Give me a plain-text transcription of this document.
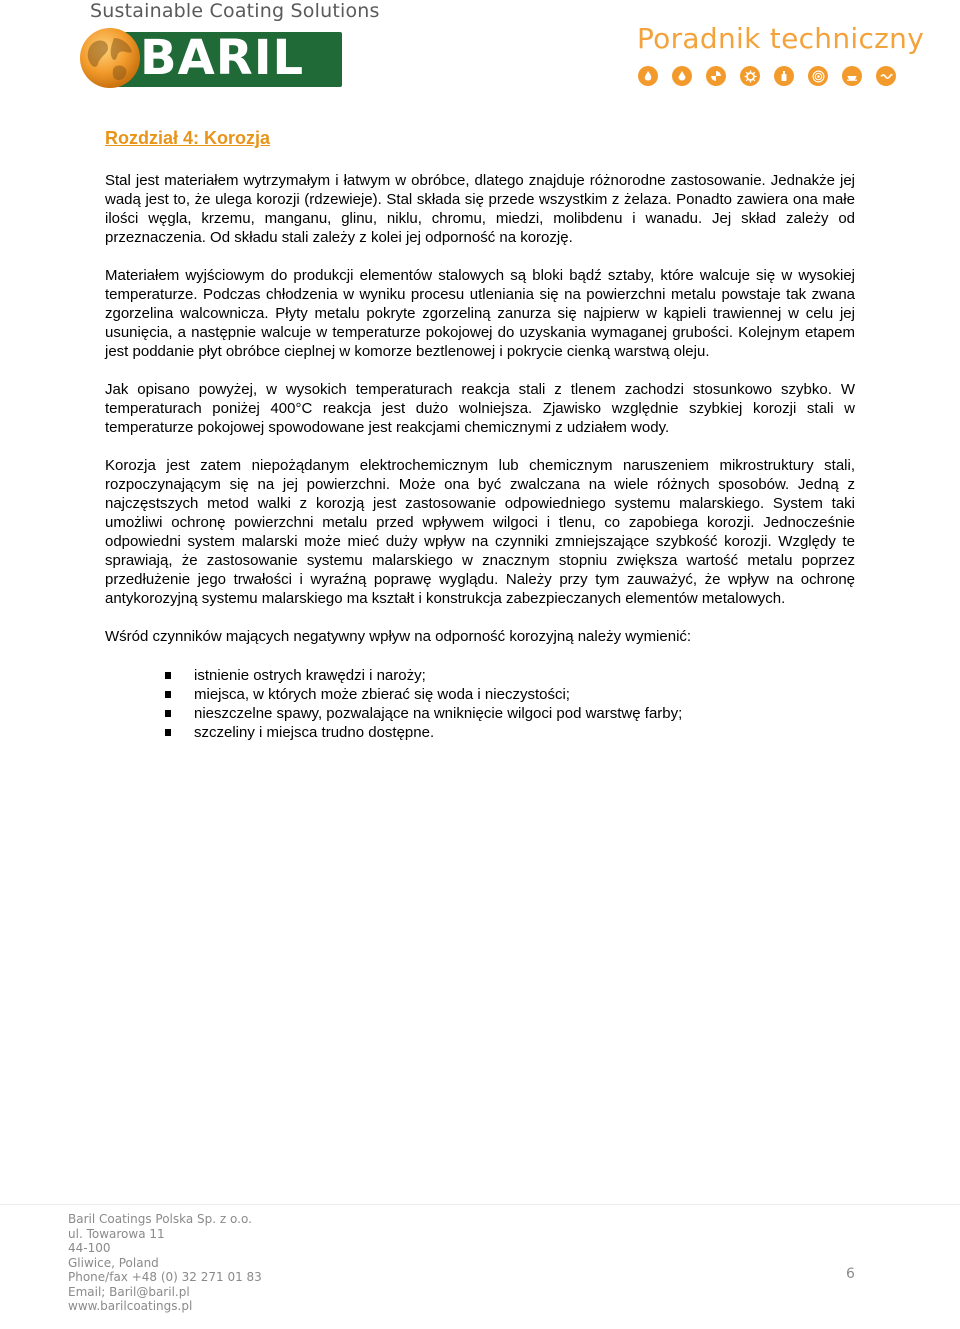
Sustainable Coating Solutions
BARIL	Poradnik techniczny
Rozdział 4: Korozja

Stal jest materiałem wytrzymałym i łatwym w obróbce, dlatego znajduje różnorodne zastosowanie. Jednakże jej wadą jest to, że ulega korozji (rdzewieje). Stal składa się przede wszystkim z żelaza. Ponadto zawiera ona małe ilości węgla, krzemu, manganu, glinu, niklu, chromu, miedzi, molibdenu i wanadu. Jej skład zależy od przeznaczenia. Od składu stali zależy z kolei jej odporność na korozję.

Materiałem wyjściowym do produkcji elementów stalowych są bloki bądź sztaby, które walcuje się w wysokiej temperaturze. Podczas chłodzenia w wyniku procesu utleniania się na powierzchni metalu powstaje tak zwana zgorzelina walcownicza. Płyty metalu pokryte zgorzeliną zanurza się najpierw w kąpieli trawiennej w celu jej usunięcia, a następnie walcuje w temperaturze pokojowej do uzyskania wymaganej grubości. Kolejnym etapem jest poddanie płyt obróbce cieplnej w komorze beztlenowej i pokrycie cienką warstwą oleju.

Jak opisano powyżej, w wysokich temperaturach reakcja stali z tlenem zachodzi stosunkowo szybko. W temperaturach poniżej 400°C reakcja jest dużo wolniejsza. Zjawisko względnie szybkiej korozji stali w temperaturze pokojowej spowodowane jest reakcjami chemicznymi z udziałem wody.

Korozja jest zatem niepożądanym elektrochemicznym lub chemicznym naruszeniem mikrostruktury stali, rozpoczynającym się na jej powierzchni. Może ona być zwalczana na wiele różnych sposobów. Jedną z najczęstszych metod walki z korozją jest zastosowanie odpowiedniego systemu malarskiego. System taki umożliwi ochronę powierzchni metalu przed wpływem wilgoci i tlenu, co zapobiega korozji. Jednocześnie odpowiedni system malarski może mieć duży wpływ na czynniki zmniejszające szybkość korozji. Względy te sprawiają, że zastosowanie systemu malarskiego w znacznym stopniu zwiększa wartość metalu poprzez przedłużenie jego trwałości i wyraźną poprawę wyglądu. Należy przy tym zauważyć, że wpływ na ochronę antykorozyjną systemu malarskiego ma kształt i konstrukcja zabezpieczanych elementów metalowych.

Wśród czynników mających negatywny wpływ na odporność korozyjną należy wymienić:

istnienie ostrych krawędzi i naroży;
miejsca, w których może zbierać się woda i nieczystości;
nieszczelne spawy, pozwalające na wniknięcie wilgoci pod warstwę farby;
szczeliny i miejsca trudno dostępne.
Baril Coatings Polska Sp. z o.o.
ul. Towarowa 11
44-100
Gliwice, Poland
Phone/fax +48 (0) 32 271 01 83
Email; Baril@baril.pl
www.barilcoatings.pl
6
